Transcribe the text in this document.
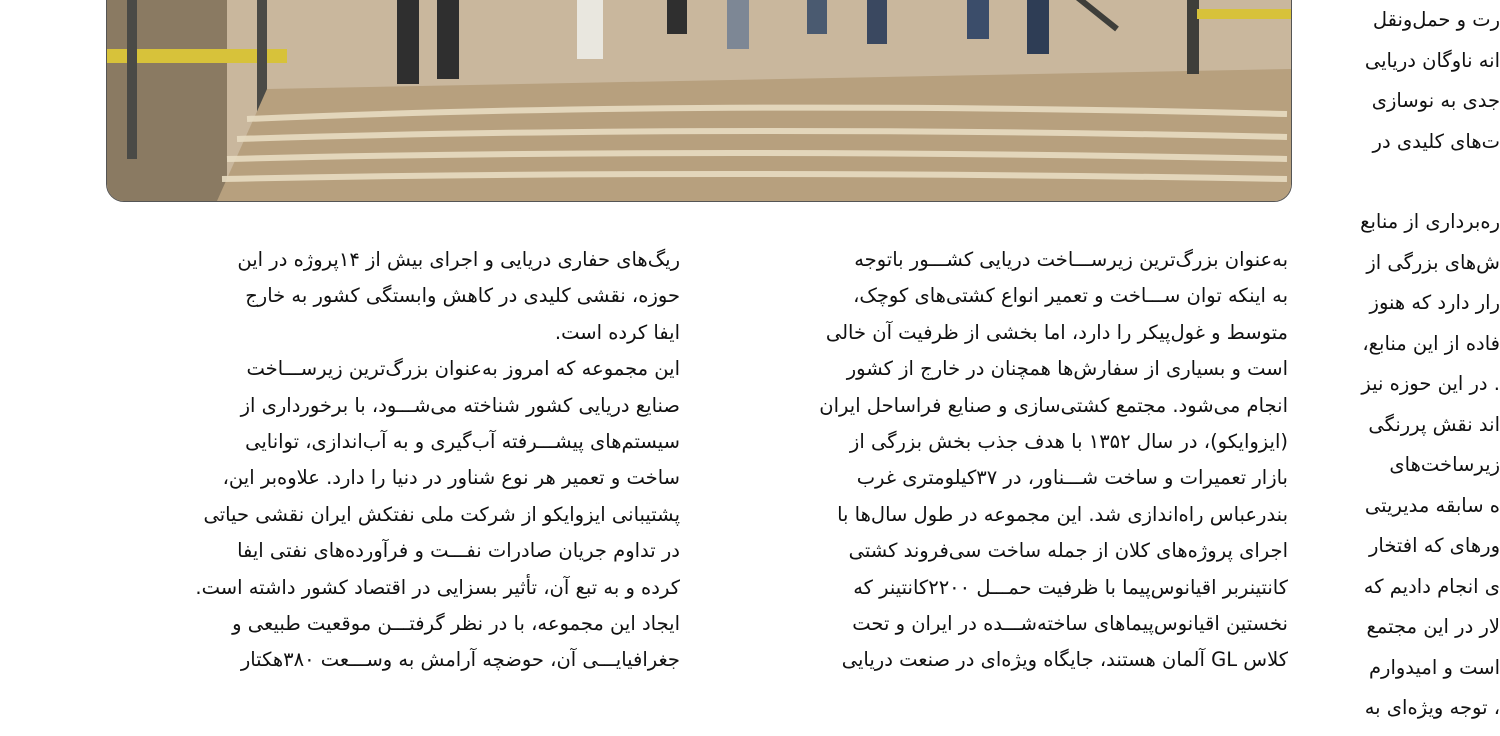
به‌عنوان بزرگ‌ترین زیرســـاخت دریایی کشـــور باتوجه
به اینکه توان ســـاخت و تعمیر انواع کشتی‌های کوچک،
متوسط و غول‌پیکر را دارد، اما بخشی از ظرفیت آن خالی
است و بسیاری از سفارش‌ها همچنان در خارج از کشور
انجام می‌شود. مجتمع کشتی‌سازی و صنایع فراساحل ایران
(ایزوایکو)، در سال ۱۳۵۲ با هدف جذب بخش بزرگی از
بازار تعمیرات و ساخت شـــناور، در ۳۷کیلومتری غرب
بندرعباس راه‌اندازی شد. این مجموعه در طول سال‌ها با
اجرای پروژه‌های کلان از جمله ساخت سی‌فروند کشتی
کانتینربر اقیانوس‌پیما با ظرفیت حمـــل ۲۲۰۰کانتینر که
نخستین اقیانوس‌پیماهای ساخته‌شـــده در ایران و تحت
کلاس GL آلمان هستند، جایگاه ویژه‌ای در صنعت دریایی
ریگ‌های حفاری دریایی و اجرای بیش از ۱۴پروژه در این
حوزه، نقشی کلیدی در کاهش وابستگی کشور به خارج
ایفا کرده است.
این مجموعه که امروز به‌عنوان بزرگ‌ترین زیرســـاخت
صنایع دریایی کشور شناخته می‌شـــود، با برخورداری از
سیستم‌های پیشـــرفته آب‌گیری و به آب‌اندازی، توانایی
ساخت و تعمیر هر نوع شناور در دنیا را دارد. علاوه‌بر این،
پشتیبانی ایزوایکو از شرکت ملی نفتکش ایران نقشی حیاتی
در تداوم جریان صادرات نفـــت و فرآورده‌های نفتی ایفا
کرده و به تبع آن، تأثیر بسزایی در اقتصاد کشور داشته است.
ایجاد این مجموعه، با در نظر گرفتـــن موقعیت طبیعی و
جغرافیایـــی آن، حوضچه آرامش به وســـعت ۳۸۰هکتار
رت و حمل‌ونقل
انه ناوگان دریایی
جدی به نوسازی
ت‌های کلیدی در
ره‌برداری از منابع
ش‌های بزرگی از
رار دارد که هنوز
فاده از این منابع،
. در این حوزه نیز
اند نقش پررنگی
زیرساخت‌های
ه سابقه مدیریتی
ورهای که افتخار
ی انجام دادیم که
لار در این مجتمع
است و امیدوارم
، توجه ویژه‌ای به
